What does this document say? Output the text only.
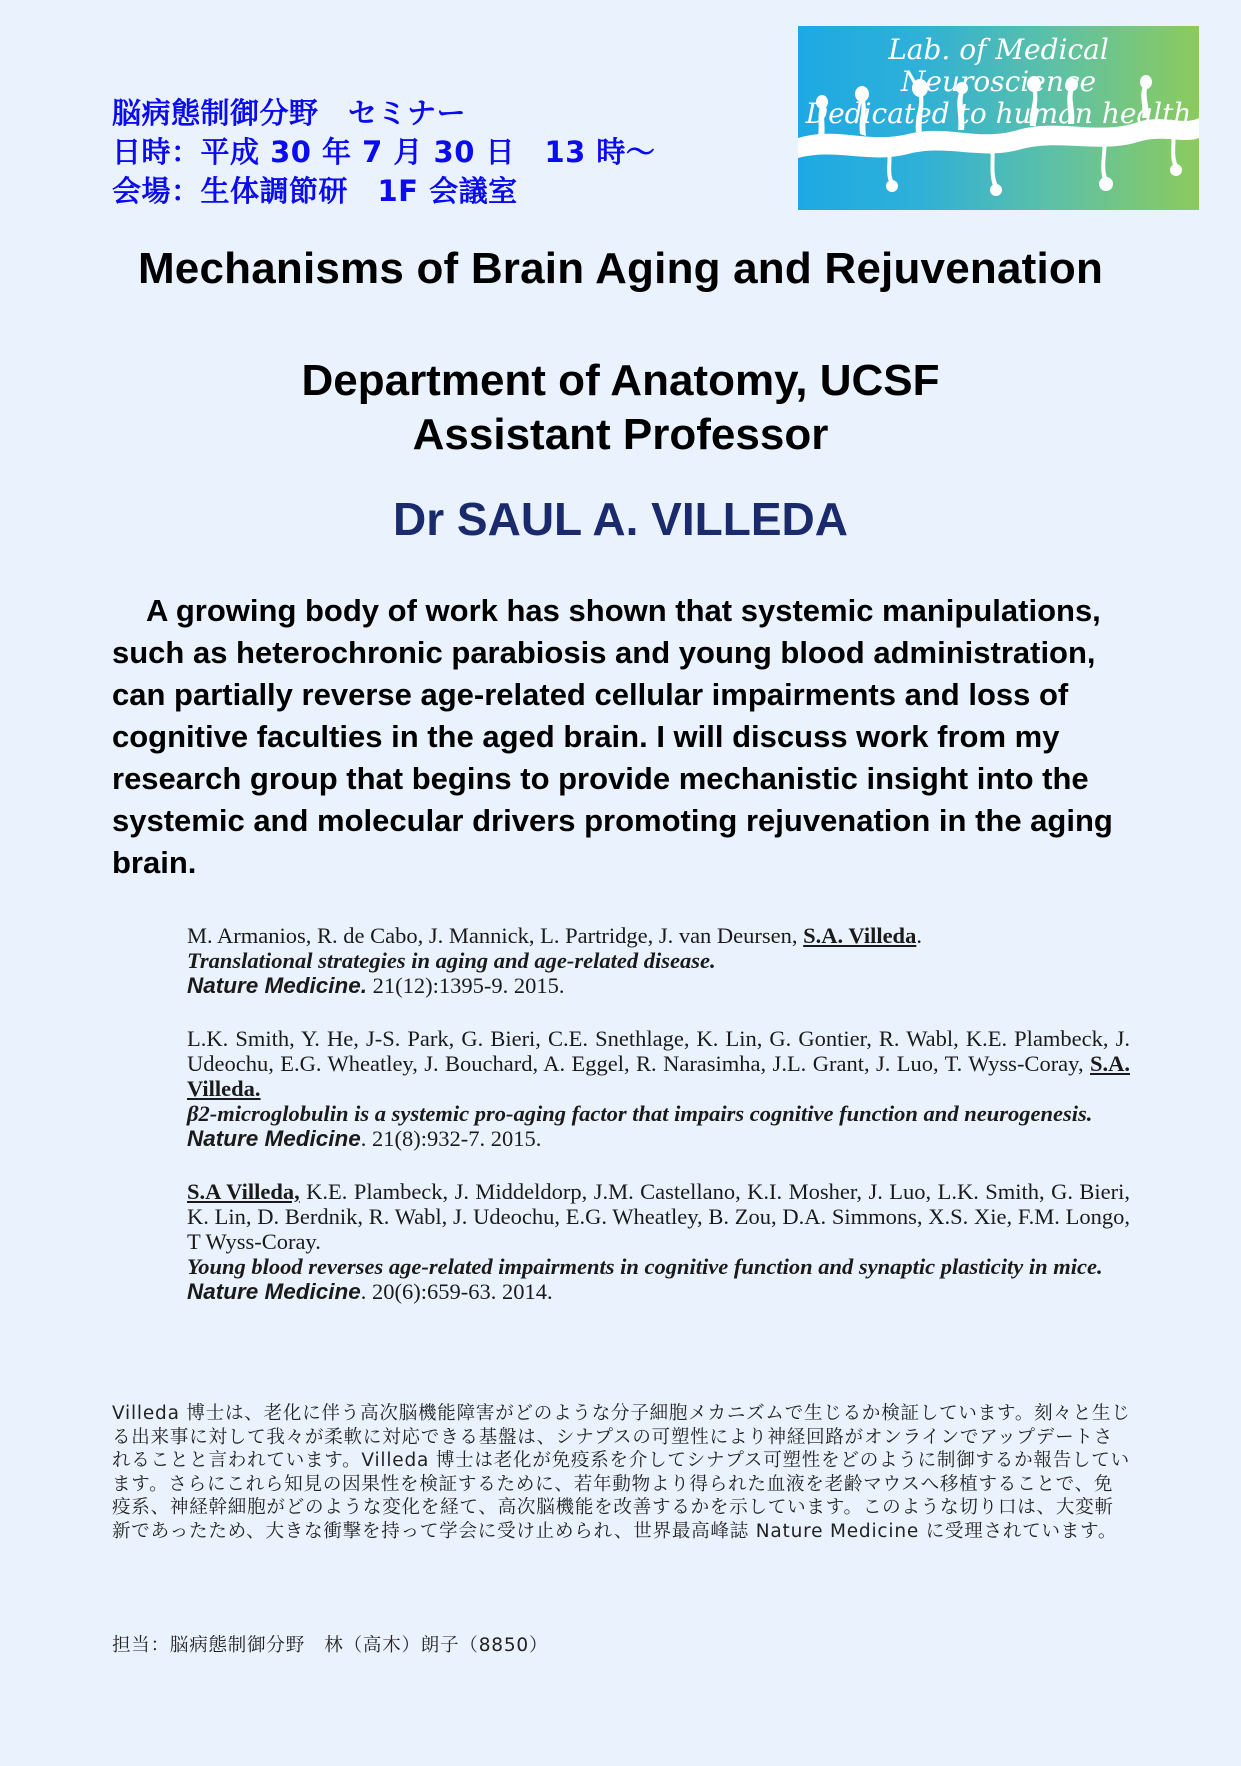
脳病態制御分野　セミナー
日時：平成 30 年 7 月 30 日　13 時～
会場：生体調節研　1F 会議室
Lab. of Medical Neuroscience
Dedicated to human health
Mechanisms of Brain Aging and Rejuvenation
Department of Anatomy, UCSF
Assistant Professor
Dr SAUL A. VILLEDA
A growing body of work has shown that systemic manipulations, such as heterochronic parabiosis and young blood administration, can partially reverse age-related cellular impairments and loss of cognitive faculties in the aged brain. I will discuss work from my research group that begins to provide mechanistic insight into the systemic and molecular drivers promoting rejuvenation in the aging brain.
M. Armanios, R. de Cabo, J. Mannick, L. Partridge, J. van Deursen, S.A. Villeda.
Translational strategies in aging and age-related disease.
Nature Medicine. 21(12):1395-9. 2015.
L.K. Smith, Y. He, J-S. Park, G. Bieri, C.E. Snethlage, K. Lin, G. Gontier, R. Wabl, K.E. Plambeck, J. Udeochu, E.G. Wheatley, J. Bouchard, A. Eggel, R. Narasimha, J.L. Grant, J. Luo, T. Wyss-Coray, S.A. Villeda.
β2-microglobulin is a systemic pro-aging factor that impairs cognitive function and neurogenesis.
Nature Medicine. 21(8):932-7. 2015.
S.A Villeda, K.E. Plambeck, J. Middeldorp, J.M. Castellano, K.I. Mosher, J. Luo, L.K. Smith, G. Bieri, K. Lin, D. Berdnik, R. Wabl, J. Udeochu, E.G. Wheatley, B. Zou, D.A. Simmons, X.S. Xie, F.M. Longo, T Wyss-Coray.
Young blood reverses age-related impairments in cognitive function and synaptic plasticity in mice.
Nature Medicine. 20(6):659-63. 2014.
Villeda 博士は、老化に伴う高次脳機能障害がどのような分子細胞メカニズムで生じるか検証しています。刻々と生じる出来事に対して我々が柔軟に対応できる基盤は、シナプスの可塑性により神経回路がオンラインでアップデートされることと言われています。Villeda 博士は老化が免疫系を介してシナプス可塑性をどのように制御するか報告しています。さらにこれら知見の因果性を検証するために、若年動物より得られた血液を老齢マウスへ移植することで、免疫系、神経幹細胞がどのような変化を経て、高次脳機能を改善するかを示しています。このような切り口は、大変斬新であったため、大きな衝撃を持って学会に受け止められ、世界最高峰誌 Nature Medicine に受理されています。
担当：脳病態制御分野　林（高木）朗子（8850）
